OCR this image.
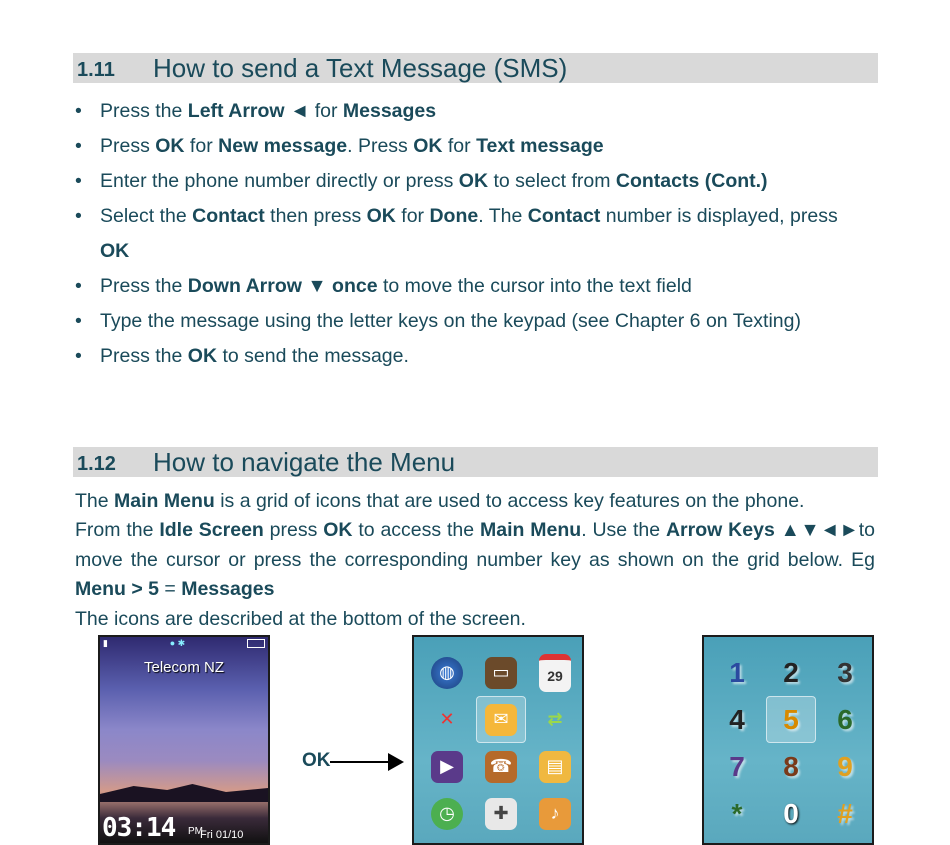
1.11 How to send a Text Message (SMS)
• Press the Left Arrow ◄ for Messages
• Press OK for New message. Press OK for Text message
• Enter the phone number directly or press OK to select from Contacts (Cont.)
• Select the Contact then press OK for Done. The Contact number is displayed, press
OK
• Press the Down Arrow ▼ once to move the cursor into the text field
• Type the message using the letter keys on the keypad (see Chapter 6 on Texting)
• Press the OK to send the message.
1.12 How to navigate the Menu
The Main Menu is a grid of icons that are used to access key features on the phone.
From the Idle Screen press OK to access the Main Menu. Use the Arrow Keys ▲▼◄►to move the cursor or press the corresponding number key as shown on the grid below. Eg Menu > 5 = Messages
The icons are described at the bottom of the screen.
▮	● ✱
Telecom NZ
03:14 PM
Fri 01/10
OK
◍	▭	29
✕	✉	⇄
▶	☎	▤
◷	✚	♪
1 2 3
4 5 6
7 8 9
* 0 #
